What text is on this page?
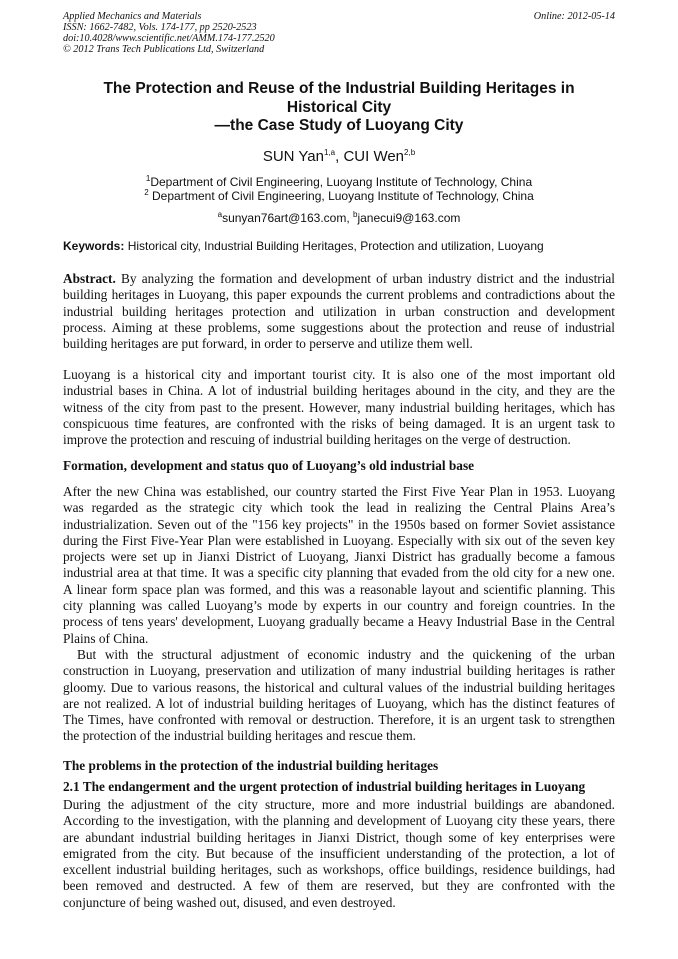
Applied Mechanics and Materials
ISSN: 1662-7482, Vols. 174-177, pp 2520-2523
doi:10.4028/www.scientific.net/AMM.174-177.2520
© 2012 Trans Tech Publications Ltd, Switzerland
Online: 2012-05-14
The Protection and Reuse of the Industrial Building Heritages in
Historical City
—the Case Study of Luoyang City
SUN Yan$^{1,a}$, CUI Wen$^{2,b}$
$^1$Department of Civil Engineering, Luoyang Institute of Technology, China
$^2$ Department of Civil Engineering, Luoyang Institute of Technology, China
$^a$sunyan76art@163.com, $^b$janecui9@163.com
Keywords: Historical city, Industrial Building Heritages, Protection and utilization, Luoyang
Abstract. By analyzing the formation and development of urban industry district and the industrial
building heritages in Luoyang, this paper expounds the current problems and contradictions about the
industrial building heritages protection and utilization in urban construction and development
process. Aiming at these problems, some suggestions about the protection and reuse of industrial
building heritages are put forward, in order to perserve and utilize them well.
Luoyang is a historical city and important tourist city. It is also one of the most important old
industrial bases in China. A lot of industrial building heritages abound in the city, and they are the
witness of the city from past to the present. However, many industrial building heritages, which has
conspicuous time features, are confronted with the risks of being damaged. It is an urgent task to
improve the protection and rescuing of industrial building heritages on the verge of destruction.
Formation, development and status quo of Luoyang’s old industrial base
After the new China was established, our country started the First Five Year Plan in 1953. Luoyang
was regarded as the strategic city which took the lead in realizing the Central Plains Area’s
industrialization. Seven out of the "156 key projects" in the 1950s based on former Soviet assistance
during the First Five-Year Plan were established in Luoyang. Especially with six out of the seven key
projects were set up in Jianxi District of Luoyang, Jianxi District has gradually become a famous
industrial area at that time. It was a specific city planning that evaded from the old city for a new one.
A linear form space plan was formed, and this was a reasonable layout and scientific planning. This
city planning was called Luoyang’s mode by experts in our country and foreign countries. In the
process of tens years' development, Luoyang gradually became a Heavy Industrial Base in the Central
Plains of China.
But with the structural adjustment of economic industry and the quickening of the urban
construction in Luoyang, preservation and utilization of many industrial building heritages is rather
gloomy. Due to various reasons, the historical and cultural values of the industrial building heritages
are not realized. A lot of industrial building heritages of Luoyang, which has the distinct features of
The Times, have confronted with removal or destruction. Therefore, it is an urgent task to strengthen
the protection of the industrial building heritages and rescue them.
The problems in the protection of the industrial building heritages
2.1 The endangerment and the urgent protection of industrial building heritages in Luoyang
During the adjustment of the city structure, more and more industrial buildings are abandoned.
According to the investigation, with the planning and development of Luoyang city these years, there
are abundant industrial building heritages in Jianxi District, though some of key enterprises were
emigrated from the city. But because of the insufficient understanding of the protection, a lot of
excellent industrial building heritages, such as workshops, office buildings, residence buildings, had
been removed and destructed. A few of them are reserved, but they are confronted with the
conjuncture of being washed out, disused, and even destroyed.
